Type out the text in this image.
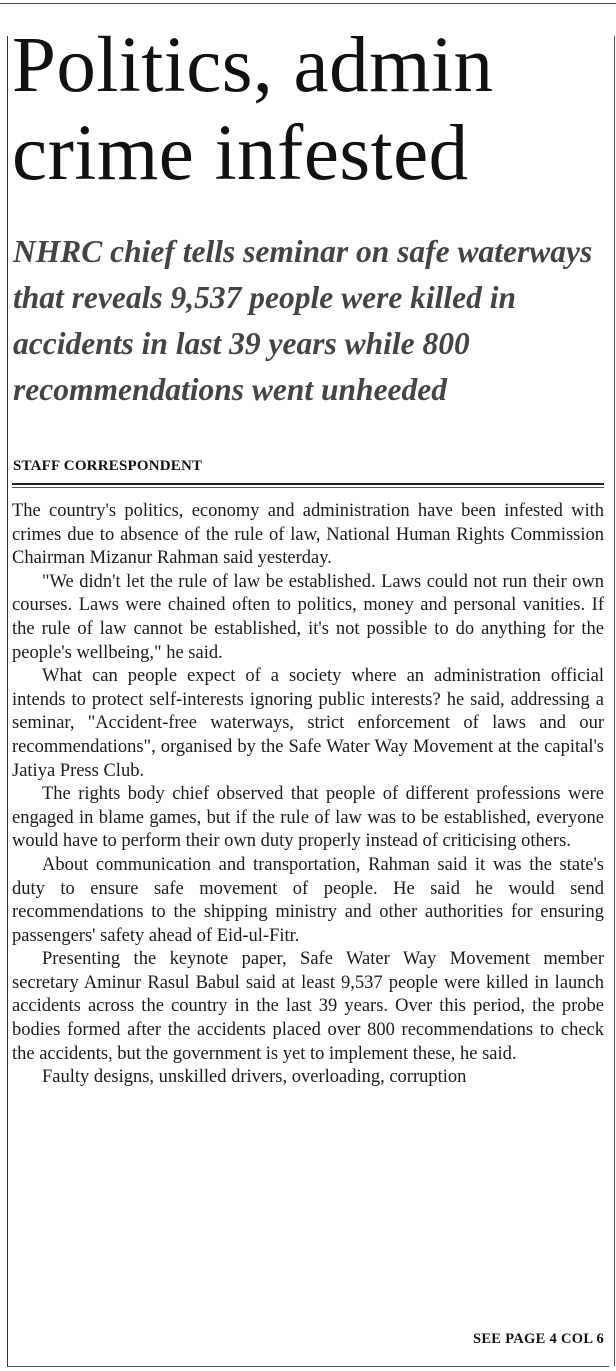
Politics, admin crime infested
NHRC chief tells seminar on safe waterways that reveals 9,537 people were killed in accidents in last 39 years while 800 recommendations went unheeded
STAFF CORRESPONDENT

The country's politics, economy and administration have been infested with crimes due to absence of the rule of law, National Human Rights Commission Chairman Mizanur Rahman said yesterday.

"We didn't let the rule of law be established. Laws could not run their own courses. Laws were chained often to politics, money and personal vanities. If the rule of law cannot be established, it's not possible to do anything for the people's wellbeing," he said.

What can people expect of a society where an administration official intends to protect self-interests ignoring public interests? he said, addressing a seminar, "Accident-free waterways, strict enforcement of laws and our recommendations", organised by the Safe Water Way Movement at the capital's Jatiya Press Club.

The rights body chief observed that people of different professions were engaged in blame games, but if the rule of law was to be established, everyone would have to perform their own duty properly instead of criticising others.

About communication and transportation, Rahman said it was the state's duty to ensure safe movement of people. He said he would send recommendations to the shipping ministry and other authorities for ensuring passengers' safety ahead of Eid-ul-Fitr.

Presenting the keynote paper, Safe Water Way Movement member secretary Aminur Rasul Babul said at least 9,537 people were killed in launch accidents across the country in the last 39 years. Over this period, the probe bodies formed after the accidents placed over 800 recommendations to check the accidents, but the government is yet to implement these, he said.

Faulty designs, unskilled drivers, overloading, corruption

SEE PAGE 4 COL 6
